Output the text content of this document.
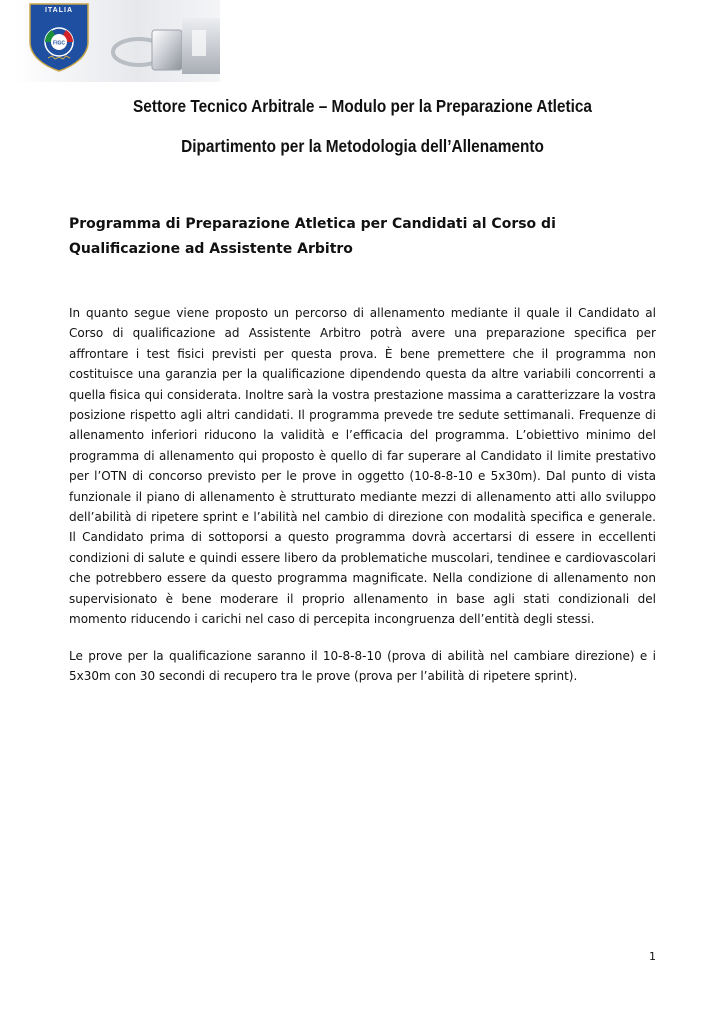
FIGC
ITALIA
Settore Tecnico Arbitrale – Modulo per la Preparazione Atletica
Dipartimento per la Metodologia dell’Allenamento
Programma di Preparazione Atletica per Candidati al Corso di Qualificazione ad Assistente Arbitro

In quanto segue viene proposto un percorso di allenamento mediante il quale il Candidato al Corso di qualificazione ad Assistente Arbitro potrà avere una preparazione specifica per affrontare i test fisici previsti per questa prova. È bene premettere che il programma non costituisce una garanzia per la qualificazione dipendendo questa da altre variabili concorrenti a quella fisica qui considerata. Inoltre sarà la vostra prestazione massima a caratterizzare la vostra posizione rispetto agli altri candidati. Il programma prevede tre sedute settimanali. Frequenze di allenamento inferiori riducono la validità e l’efficacia del programma. L’obiettivo minimo del programma di allenamento qui proposto è quello di far superare al Candidato il limite prestativo per l’OTN di concorso previsto per le prove in oggetto (10-8-8-10 e 5x30m). Dal punto di vista funzionale il piano di allenamento è strutturato mediante mezzi di allenamento atti allo sviluppo dell’abilità di ripetere sprint e l’abilità nel cambio di direzione con modalità specifica e generale. Il Candidato prima di sottoporsi a questo programma dovrà accertarsi di essere in eccellenti condizioni di salute e quindi essere libero da problematiche muscolari, tendinee e cardiovascolari che potrebbero essere da questo programma magnificate. Nella condizione di allenamento non supervisionato è bene moderare il proprio allenamento in base agli stati condizionali del momento riducendo i carichi nel caso di percepita incongruenza dell’entità degli stessi.

Le prove per la qualificazione saranno il 10-8-8-10 (prova di abilità nel cambiare direzione) e i 5x30m con 30 secondi di recupero tra le prove (prova per l’abilità di ripetere sprint).

1
